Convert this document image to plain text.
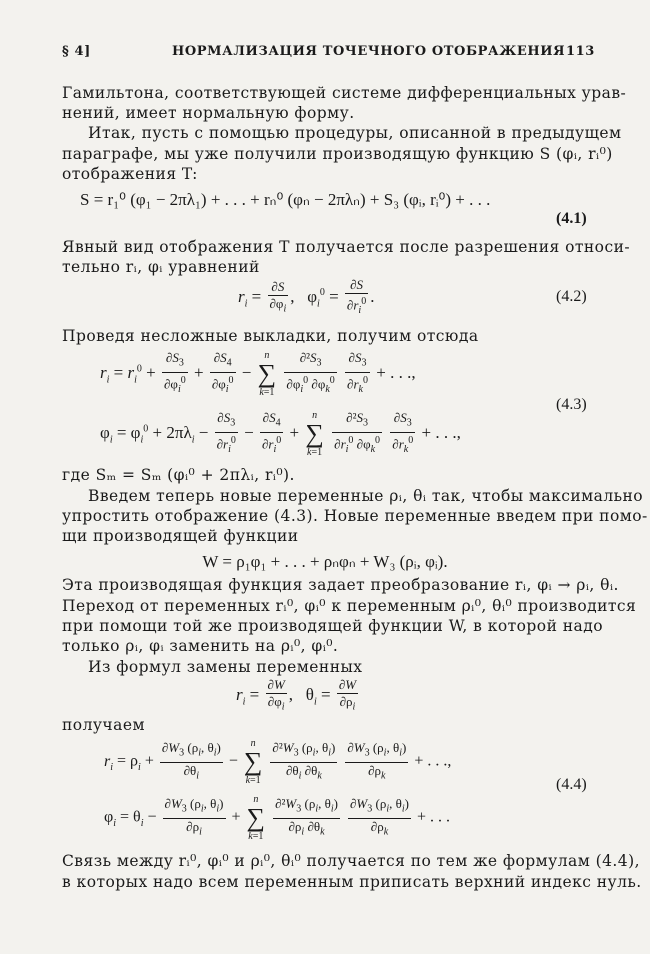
§ 4]	НОРМАЛИЗАЦИЯ ТОЧЕЧНОГО ОТОБРАЖЕНИЯ 113
Гамильтона, соответствующей системе дифференциальных урав-
нений, имеет нормальную форму.
Итак, пусть с помощью процедуры, описанной в предыдущем
параграфе, мы уже получили производящую функцию S (φᵢ, rᵢ⁰)
отображения T:
S = r₁⁰ (φ₁ − 2πλ₁) + . . . + rₙ⁰ (φₙ − 2πλₙ) + S₃ (φᵢ, rᵢ⁰) + . . .
(4.1)
Явный вид отображения T получается после разрешения относи-
тельно rᵢ, φᵢ уравнений
$r_i = \frac{\partial S}{\partial\varphi_i}$ ,   $\varphi_i^0 = \frac{\partial S}{\partial r_i^0}$ .	(4.2)
Проведя несложные выкладки, получим отсюда
$r_i = r_i^0 + \frac{\partial S_3}{\partial\varphi_i^0} + \frac{\partial S_4}{\partial\varphi_i^0}$ −
n
∑
k=1
$\frac{\partial^2S_3}{\partial\varphi_i^0 \partial\varphi_k^0}$
$\frac{\partial S_3}{\partial r_k^0}$ + . . .,
(4.3)
$\varphi_i = \varphi_i^0 + 2\pi\lambda_i - \frac{\partial S_3}{\partial r_i^0} - \frac{\partial S_4}{\partial r_i^0}$ +
n
∑
k=1
$\frac{\partial^2S_3}{\partial r_i^0 \partial\varphi_k^0}$
$\frac{\partial S_3}{\partial r_k^0}$ + . . .,
где Sₘ = Sₘ (φᵢ⁰ + 2πλᵢ, rᵢ⁰).
Введем теперь новые переменные ρᵢ, θᵢ так, чтобы максимально
упростить отображение (4.3). Новые переменные введем при помо-
щи производящей функции
W = ρ₁φ₁ + . . . + ρₙφₙ + W₃ (ρᵢ, φᵢ).
Эта производящая функция задает преобразование rᵢ, φᵢ → ρᵢ, θᵢ.
Переход от переменных rᵢ⁰, φᵢ⁰ к переменным ρᵢ⁰, θᵢ⁰ производится
при помощи той же производящей функции W, в которой надо
только ρᵢ, φᵢ заменить на ρᵢ⁰, φᵢ⁰.
Из формул замены переменных
$r_i = \frac{\partial W}{\partial\varphi_i}$ ,   $\theta_i = \frac{\partial W}{\partial\rho_i}$
получаем
$r_i = \rho_i + \frac{\partial W_3 (\rho_i, \theta_i)}{\partial\theta_i}$ −
n
∑
k=1
$\frac{\partial^2W_3 (\rho_i, \theta_i)}{\partial\theta_i \partial\theta_k}$
$\frac{\partial W_3 (\rho_i, \theta_i)}{\partial\rho_k}$ + . . .,
(4.4)
$\varphi_i = \theta_i - \frac{\partial W_3 (\rho_i, \theta_i)}{\partial\rho_i}$ +
n
∑
k=1
$\frac{\partial^2W_3 (\rho_i, \theta_i)}{\partial\rho_i \partial\theta_k}$
$\frac{\partial W_3 (\rho_i, \theta_i)}{\partial\rho_k}$ + . . .
Связь между rᵢ⁰, φᵢ⁰ и ρᵢ⁰, θᵢ⁰ получается по тем же формулам (4.4),
в которых надо всем переменным приписать верхний индекс нуль.
